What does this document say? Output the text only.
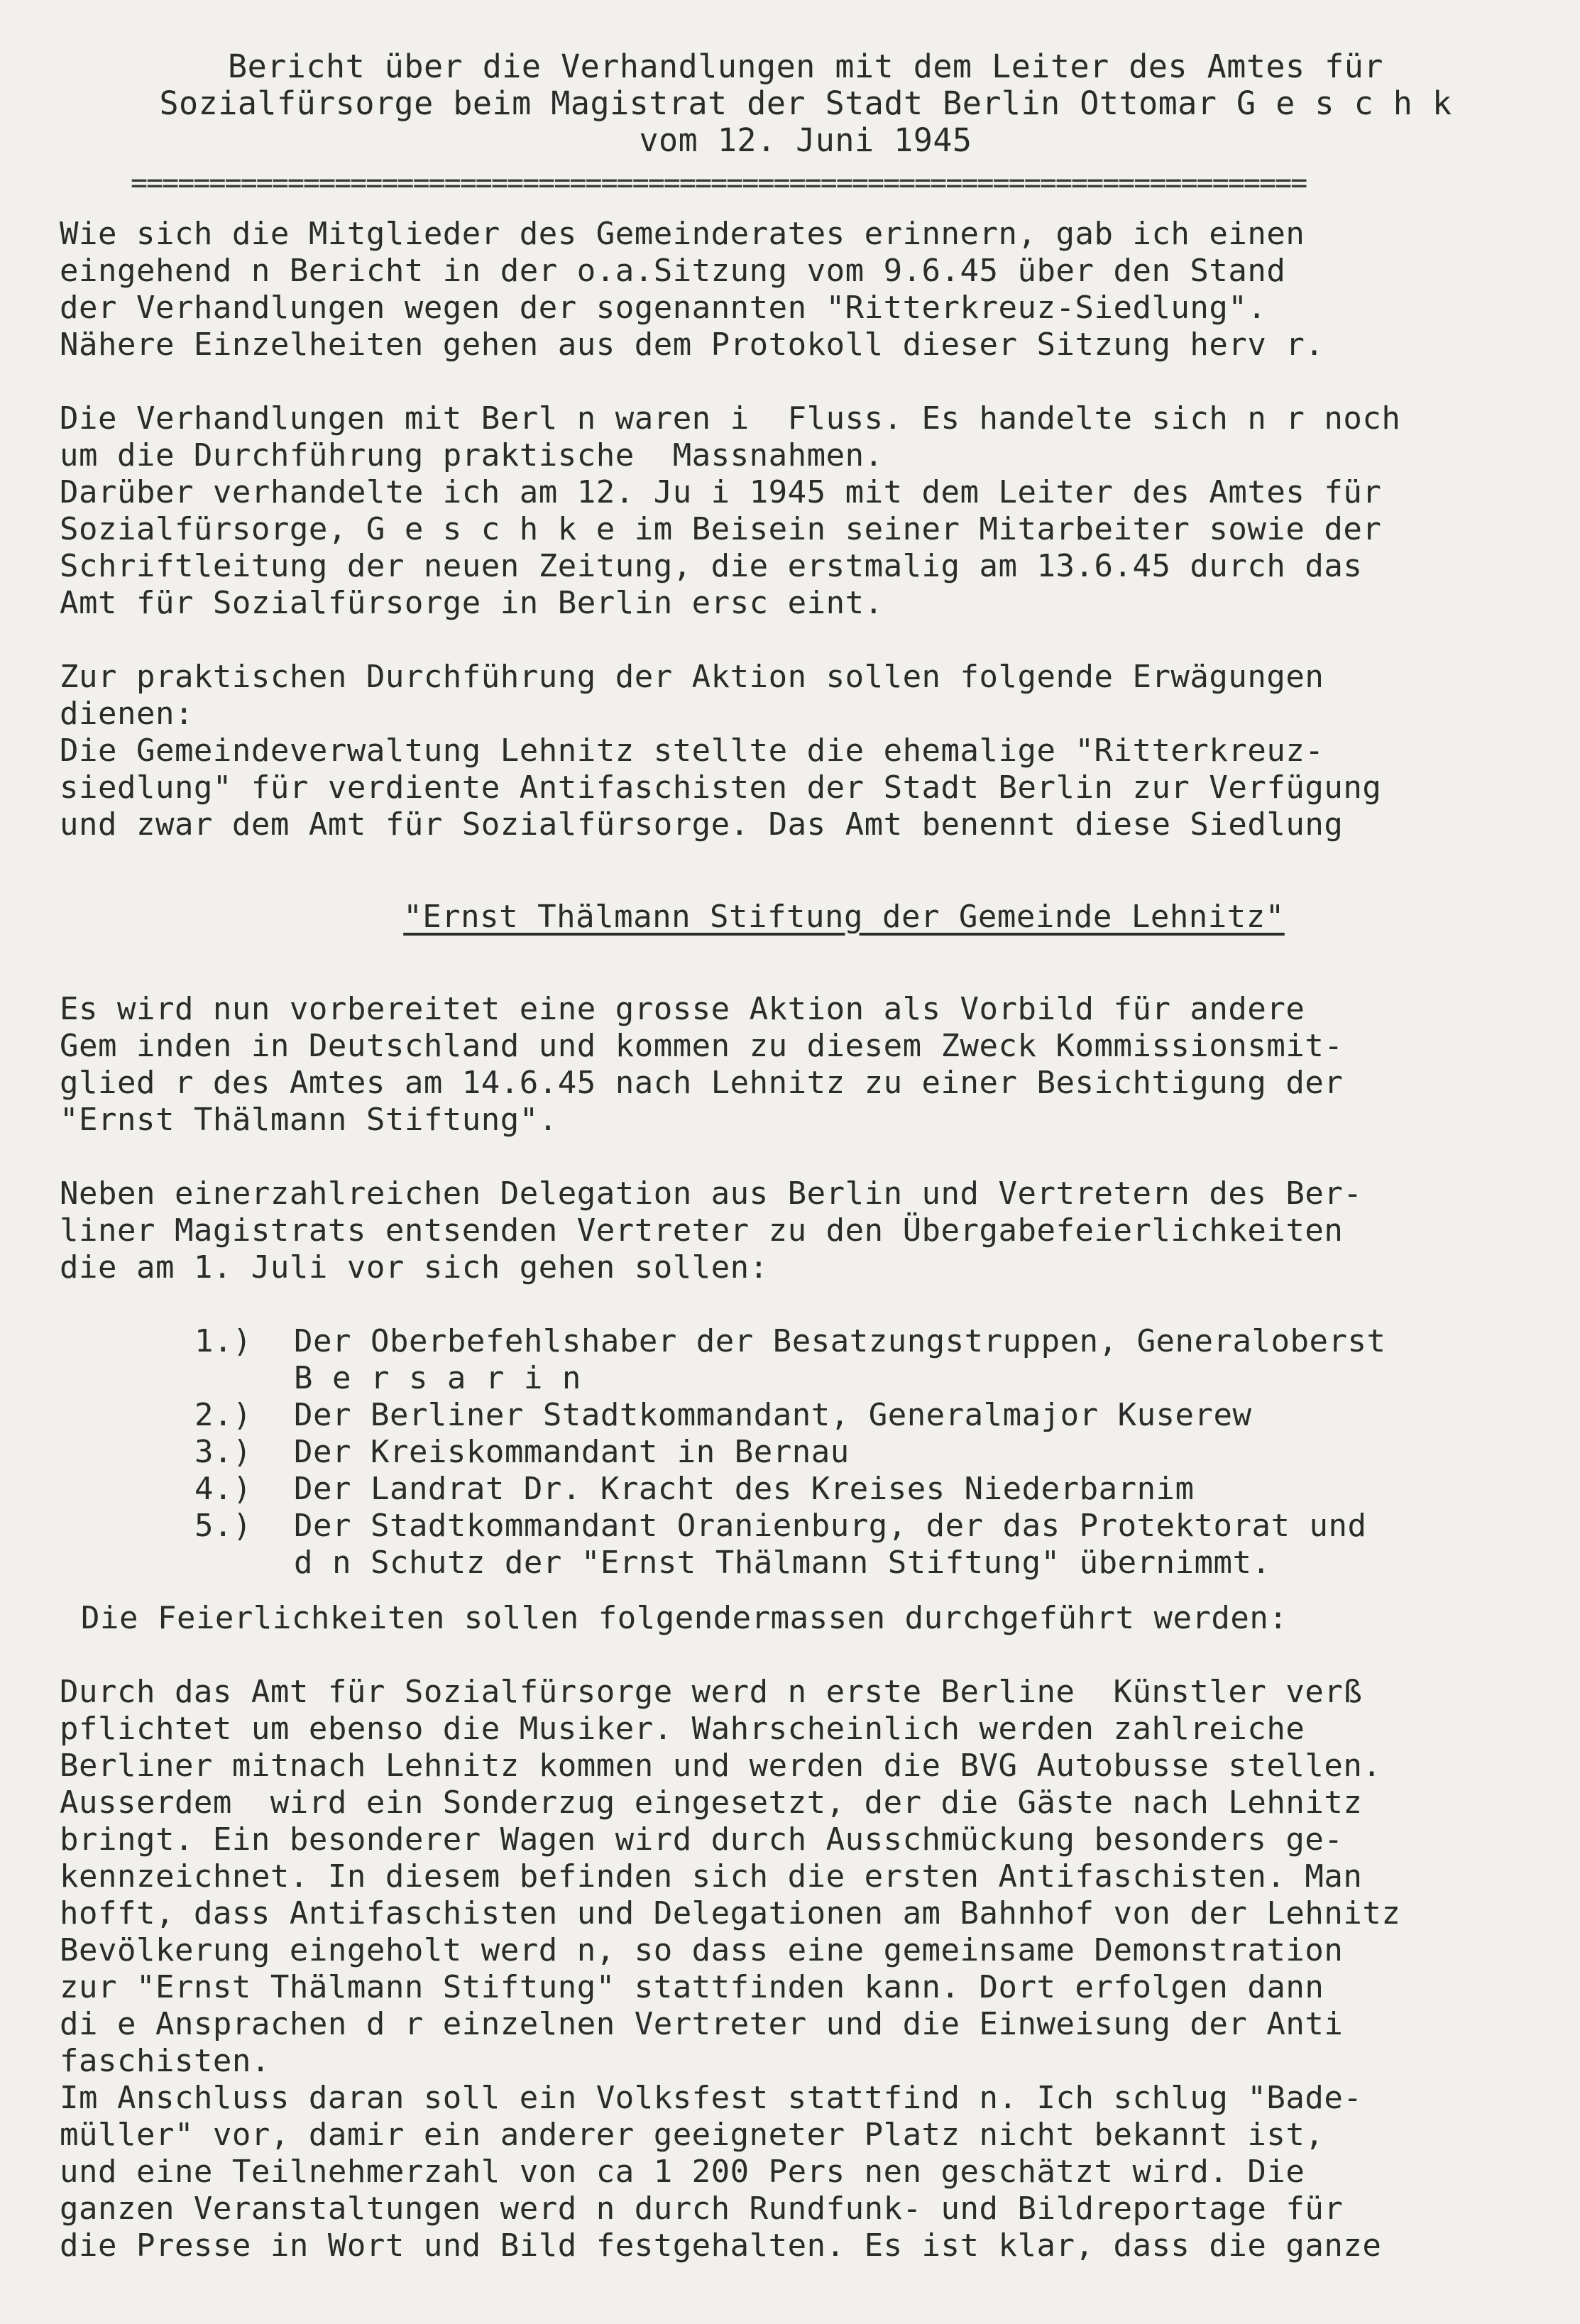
Bericht über die Verhandlungen mit dem Leiter des Amtes für
Sozialfürsorge beim Magistrat der Stadt Berlin Ottomar G e s c h k
vom 12. Juni 1945
===========================================================================
Wie sich die Mitglieder des Gemeinderates erinnern, gab ich einen
eingehend n Bericht in der o.a.Sitzung vom 9.6.45 über den Stand
der Verhandlungen wegen der sogenannten "Ritterkreuz-Siedlung".
Nähere Einzelheiten gehen aus dem Protokoll dieser Sitzung herv r.
Die Verhandlungen mit Berl n waren i  Fluss. Es handelte sich n r noch
um die Durchführung praktische  Massnahmen.
Darüber verhandelte ich am 12. Ju i 1945 mit dem Leiter des Amtes für
Sozialfürsorge, G e s c h k e im Beisein seiner Mitarbeiter sowie der
Schriftleitung der neuen Zeitung, die erstmalig am 13.6.45 durch das
Amt für Sozialfürsorge in Berlin ersc eint.
Zur praktischen Durchführung der Aktion sollen folgende Erwägungen
dienen:
Die Gemeindeverwaltung Lehnitz stellte die ehemalige "Ritterkreuz-
siedlung" für verdiente Antifaschisten der Stadt Berlin zur Verfügung
und zwar dem Amt für Sozialfürsorge. Das Amt benennt diese Siedlung

"Ernst Thälmann Stiftung der Gemeinde Lehnitz"

Es wird nun vorbereitet eine grosse Aktion als Vorbild für andere
Gem inden in Deutschland und kommen zu diesem Zweck Kommissionsmit-
glied r des Amtes am 14.6.45 nach Lehnitz zu einer Besichtigung der
"Ernst Thälmann Stiftung".
Neben einerzahlreichen Delegation aus Berlin und Vertretern des Ber-
liner Magistrats entsenden Vertreter zu den Übergabefeierlichkeiten
die am 1. Juli vor sich gehen sollen:
1.)	Der Oberbefehlshaber der Besatzungstruppen, Generaloberst
B e r s a r i n
2.)	Der Berliner Stadtkommandant, Generalmajor Kuserew
3.)	Der Kreiskommandant in Bernau
4.)	Der Landrat Dr. Kracht des Kreises Niederbarnim
5.)	Der Stadtkommandant Oranienburg, der das Protektorat und
d n Schutz der "Ernst Thälmann Stiftung" übernimmt.
Die Feierlichkeiten sollen folgendermassen durchgeführt werden:
Durch das Amt für Sozialfürsorge werd n erste Berline  Künstler verß
pflichtet um ebenso die Musiker. Wahrscheinlich werden zahlreiche
Berliner mitnach Lehnitz kommen und werden die BVG Autobusse stellen.
Ausserdem  wird ein Sonderzug eingesetzt, der die Gäste nach Lehnitz
bringt. Ein besonderer Wagen wird durch Ausschmückung besonders ge-
kennzeichnet. In diesem befinden sich die ersten Antifaschisten. Man
hofft, dass Antifaschisten und Delegationen am Bahnhof von der Lehnitz
Bevölkerung eingeholt werd n, so dass eine gemeinsame Demonstration
zur "Ernst Thälmann Stiftung" stattfinden kann. Dort erfolgen dann
di e Ansprachen d r einzelnen Vertreter und die Einweisung der Anti
faschisten.
Im Anschluss daran soll ein Volksfest stattfind n. Ich schlug "Bade-
müller" vor, damir ein anderer geeigneter Platz nicht bekannt ist,
und eine Teilnehmerzahl von ca 1 200 Pers nen geschätzt wird. Die
ganzen Veranstaltungen werd n durch Rundfunk- und Bildreportage für
die Presse in Wort und Bild festgehalten. Es ist klar, dass die ganze
